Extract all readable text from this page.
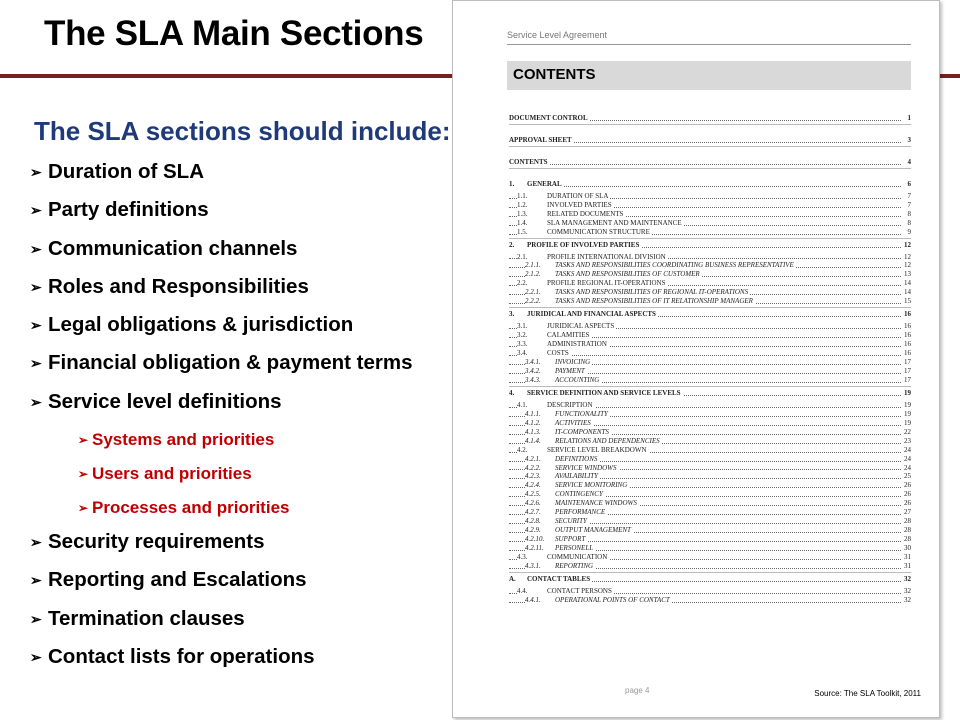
The SLA Main Sections
The SLA sections should include:
➢ Duration of SLA
➢ Party definitions
➢ Communication channels
➢ Roles and Responsibilities
➢ Legal obligations & jurisdiction
➢ Financial obligation & payment terms
➢ Service level definitions
➢ Systems and priorities
➢ Users and priorities
➢ Processes and priorities
➢ Security requirements
➢ Reporting and Escalations
➢ Termination clauses
➢ Contact lists for operations
Service Level Agreement
CONTENTS
DOCUMENT CONTROL	1
APPROVAL SHEET	3
CONTENTS	4
1. GENERAL	6
1.1.	DURATION OF SLA	7
1.2.	INVOLVED PARTIES	7
1.3.	RELATED DOCUMENTS	8
1.4.	SLA MANAGEMENT AND MAINTENANCE	8
1.5.	COMMUNICATION STRUCTURE	9
2. PROFILE OF INVOLVED PARTIES	12
2.1.	PROFILE INTERNATIONAL DIVISION	12
2.1.1. TASKS AND RESPONSIBILITIES COORDINATING BUSINESS REPRESENTATIVE	12
2.1.2. TASKS AND RESPONSIBILITIES OF CUSTOMER	13
2.2.	PROFILE REGIONAL IT-OPERATIONS	14
2.2.1. TASKS AND RESPONSIBILITIES OF REGIONAL IT-OPERATIONS	14
2.2.2. TASKS AND RESPONSIBILITIES OF IT RELATIONSHIP MANAGER	15
3. JURIDICAL AND FINANCIAL ASPECTS	16
3.1.	JURIDICAL ASPECTS	16
3.2.	CALAMITIES	16
3.3.	ADMINISTRATION	16
3.4.	COSTS	16
3.4.1. INVOICING	17
3.4.2. PAYMENT	17
3.4.3. ACCOUNTING	17
4. SERVICE DEFINITION AND SERVICE LEVELS	19
4.1.	DESCRIPTION	19
4.1.1. FUNCTIONALITY	19
4.1.2. ACTIVITIES	19
4.1.3. IT-COMPONENTS	22
4.1.4. RELATIONS AND DEPENDENCIES	23
4.2.	SERVICE LEVEL BREAKDOWN	24
4.2.1. DEFINITIONS	24
4.2.2. SERVICE WINDOWS	24
4.2.3. AVAILABILITY	25
4.2.4. SERVICE MONITORING	26
4.2.5. CONTINGENCY	26
4.2.6. MAINTENANCE WINDOWS	26
4.2.7. PERFORMANCE	27
4.2.8. SECURITY	28
4.2.9. OUTPUT MANAGEMENT	28
4.2.10. SUPPORT	28
4.2.11. PERSONELL	30
4.3.	COMMUNICATION	31
4.3.1. REPORTING	31
A. CONTACT TABLES	32
4.4.	CONTACT PERSONS	32
4.4.1. OPERATIONAL POINTS OF CONTACT	32
page 4	Source: The SLA Toolkit, 2011
